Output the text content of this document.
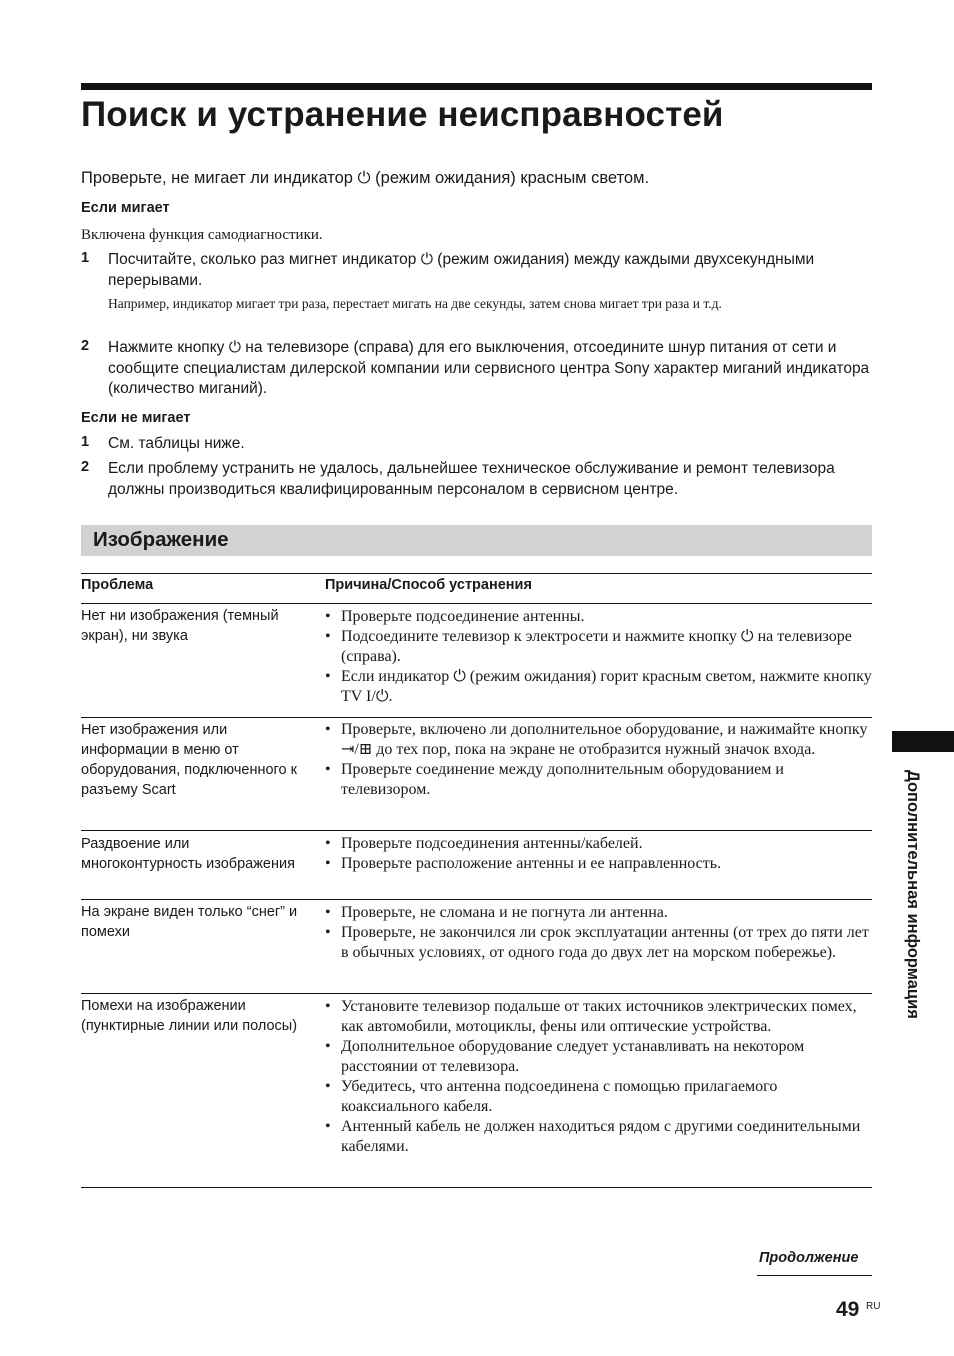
Поиск и устранение неисправностей
Проверьте, не мигает ли индикатор ⏻ (режим ожидания) красным светом.
Если мигает
Включена функция самодиагностики.
1 Посчитайте, сколько раз мигнет индикатор ⏻ (режим ожидания) между каждыми двухсекундными перерывами.
Например, индикатор мигает три раза, перестает мигать на две секунды, затем снова мигает три раза и т.д.
2 Нажмите кнопку ⏻ на телевизоре (справа) для его выключения, отсоедините шнур питания от сети и сообщите специалистам дилерской компании или сервисного центра Sony характер миганий индикатора (количество миганий).
Если не мигает
1 См. таблицы ниже.
2 Если проблему устранить не удалось, дальнейшее техническое обслуживание и ремонт телевизора должны производиться квалифицированным персоналом в сервисном центре.
Изображение
Проблема	Причина/Способ устранения
Нет ни изображения (темный экран), ни звука
• Проверьте подсоединение антенны.
• Подсоедините телевизор к электросети и нажмите кнопку ⏻ на телевизоре (справа).
• Если индикатор ⏻ (режим ожидания) горит красным светом, нажмите кнопку TV I/⏻.
Нет изображения или информации в меню от оборудования, подключенного к разъему Scart
• Проверьте, включено ли дополнительное оборудование, и нажимайте кнопку ⇥/⊞ до тех пор, пока на экране не отобразится нужный значок входа.
• Проверьте соединение между дополнительным оборудованием и телевизором.
Раздвоение или многоконтурность изображения
• Проверьте подсоединения антенны/кабелей.
• Проверьте расположение антенны и ее направленность.
На экране виден только “снег” и помехи
• Проверьте, не сломана и не погнута ли антенна.
• Проверьте, не закончился ли срок эксплуатации антенны (от трех до пяти лет в обычных условиях, от одного года до двух лет на морском побережье).
Помехи на изображении (пунктирные линии или полосы)
• Установите телевизор подальше от таких источников электрических помех, как автомобили, мотоциклы, фены или оптические устройства.
• Дополнительное оборудование следует устанавливать на некотором расстоянии от телевизора.
• Убедитесь, что антенна подсоединена с помощью прилагаемого коаксиального кабеля.
• Антенный кабель не должен находиться рядом с другими соединительными кабелями.
Дополнительная информация
Продолжение
49 RU
